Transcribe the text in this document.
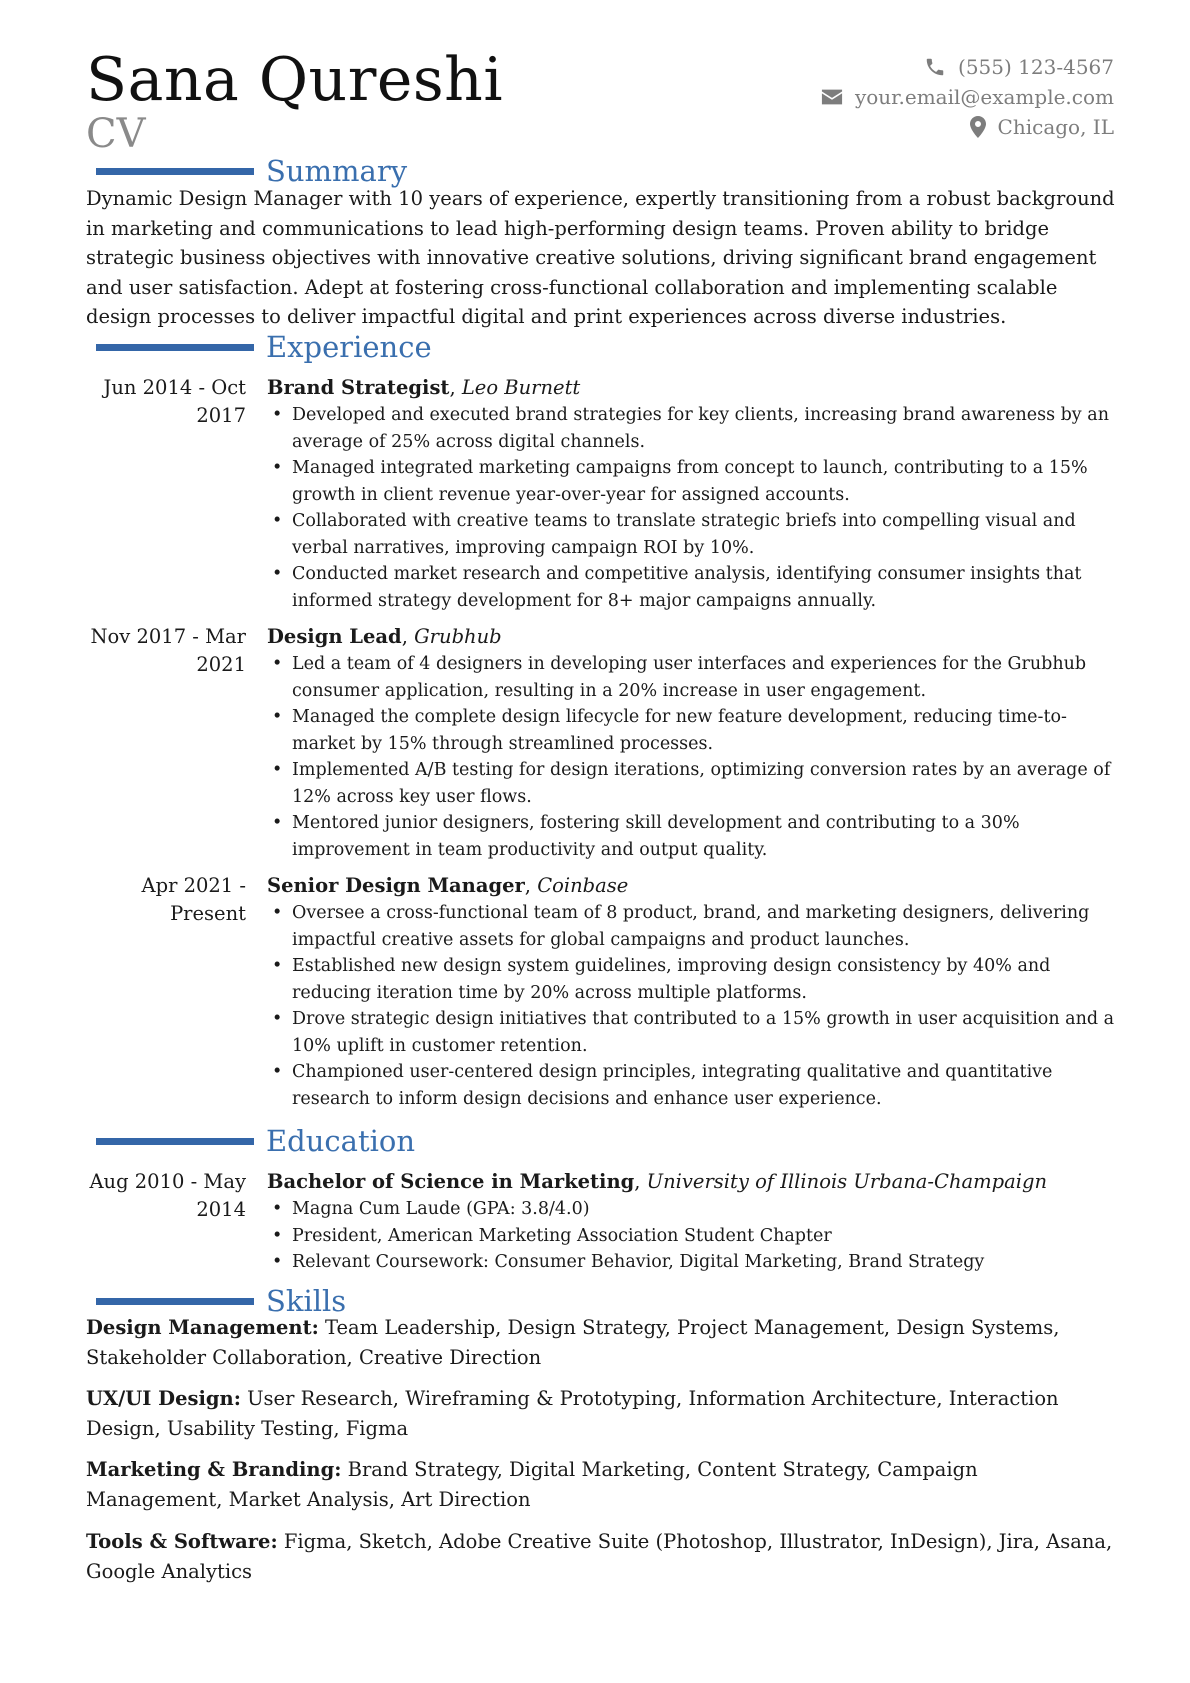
Sana Qureshi
CV
(555) 123-4567
your.email@example.com
Chicago, IL
Summary
Dynamic Design Manager with 10 years of experience, expertly transitioning from a robust background in marketing and communications to lead high-performing design teams. Proven ability to bridge strategic business objectives with innovative creative solutions, driving significant brand engagement and user satisfaction. Adept at fostering cross-functional collaboration and implementing scalable design processes to deliver impactful digital and print experiences across diverse industries.
Experience
Jun 2014 - Oct 2017
Brand Strategist, Leo Burnett
• Developed and executed brand strategies for key clients, increasing brand awareness by an average of 25% across digital channels.
• Managed integrated marketing campaigns from concept to launch, contributing to a 15% growth in client revenue year-over-year for assigned accounts.
• Collaborated with creative teams to translate strategic briefs into compelling visual and verbal narratives, improving campaign ROI by 10%.
• Conducted market research and competitive analysis, identifying consumer insights that informed strategy development for 8+ major campaigns annually.
Nov 2017 - Mar 2021
Design Lead, Grubhub
• Led a team of 4 designers in developing user interfaces and experiences for the Grubhub consumer application, resulting in a 20% increase in user engagement.
• Managed the complete design lifecycle for new feature development, reducing time-to-market by 15% through streamlined processes.
• Implemented A/B testing for design iterations, optimizing conversion rates by an average of 12% across key user flows.
• Mentored junior designers, fostering skill development and contributing to a 30% improvement in team productivity and output quality.
Apr 2021 - Present
Senior Design Manager, Coinbase
• Oversee a cross-functional team of 8 product, brand, and marketing designers, delivering impactful creative assets for global campaigns and product launches.
• Established new design system guidelines, improving design consistency by 40% and reducing iteration time by 20% across multiple platforms.
• Drove strategic design initiatives that contributed to a 15% growth in user acquisition and a 10% uplift in customer retention.
• Championed user-centered design principles, integrating qualitative and quantitative research to inform design decisions and enhance user experience.
Education
Aug 2010 - May 2014
Bachelor of Science in Marketing, University of Illinois Urbana-Champaign
• Magna Cum Laude (GPA: 3.8/4.0)
• President, American Marketing Association Student Chapter
• Relevant Coursework: Consumer Behavior, Digital Marketing, Brand Strategy
Skills
Design Management: Team Leadership, Design Strategy, Project Management, Design Systems, Stakeholder Collaboration, Creative Direction
UX/UI Design: User Research, Wireframing & Prototyping, Information Architecture, Interaction Design, Usability Testing, Figma
Marketing & Branding: Brand Strategy, Digital Marketing, Content Strategy, Campaign Management, Market Analysis, Art Direction
Tools & Software: Figma, Sketch, Adobe Creative Suite (Photoshop, Illustrator, InDesign), Jira, Asana, Google Analytics
